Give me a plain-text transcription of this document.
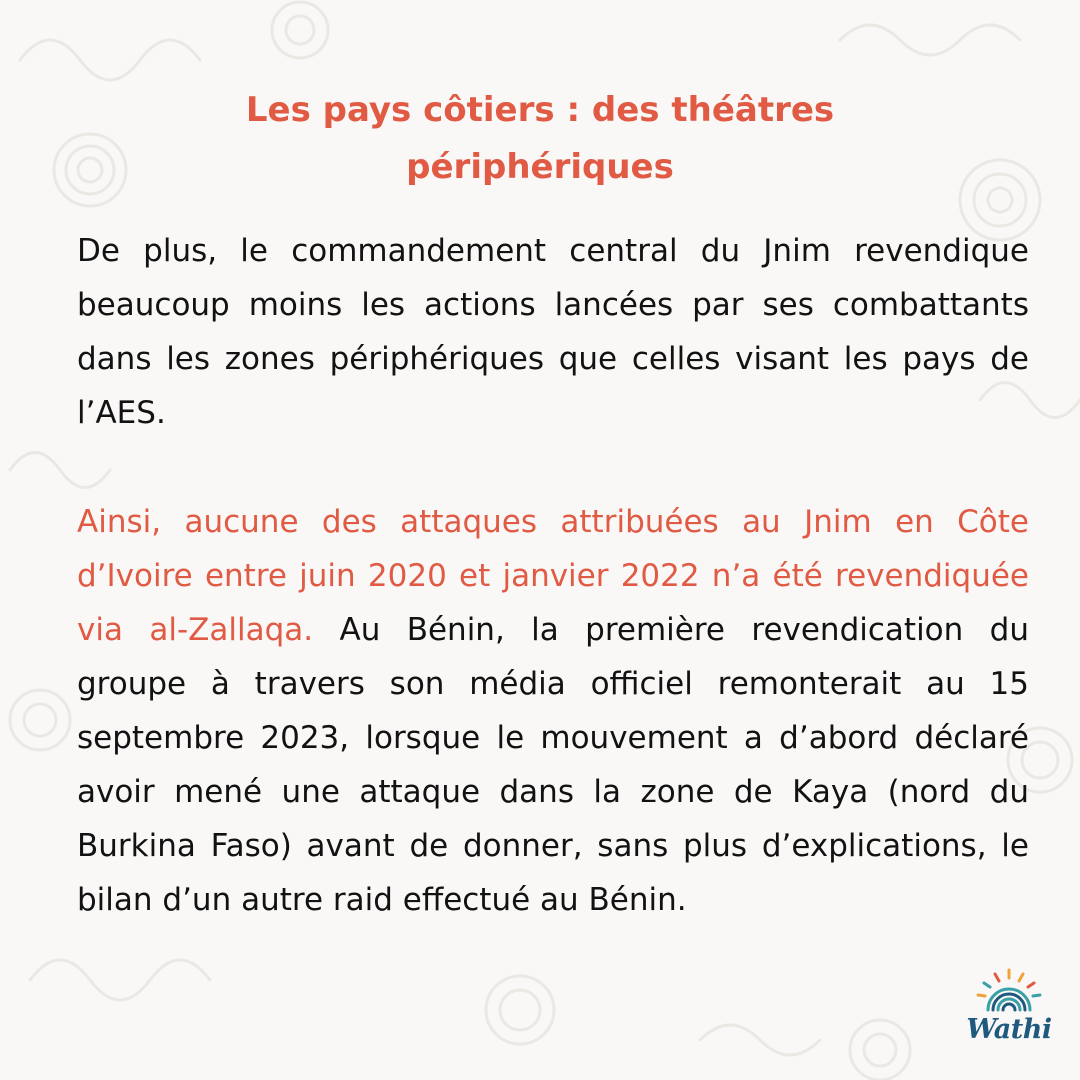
Les pays côtiers : des théâtres
périphériques

De plus, le commandement central du Jnim revendique beaucoup moins les actions lancées par ses combattants dans les zones périphériques que celles visant les pays de l’AES.

Ainsi, aucune des attaques attribuées au Jnim en Côte d’Ivoire entre juin 2020 et janvier 2022 n’a été revendiquée via al-Zallaqa. Au Bénin, la première revendication du groupe à travers son média officiel remonterait au 15 septembre 2023, lorsque le mouvement a d’abord déclaré avoir mené une attaque dans la zone de Kaya (nord du Burkina Faso) avant de donner, sans plus d’explications, le bilan d’un autre raid effectué au Bénin.

Wathi
